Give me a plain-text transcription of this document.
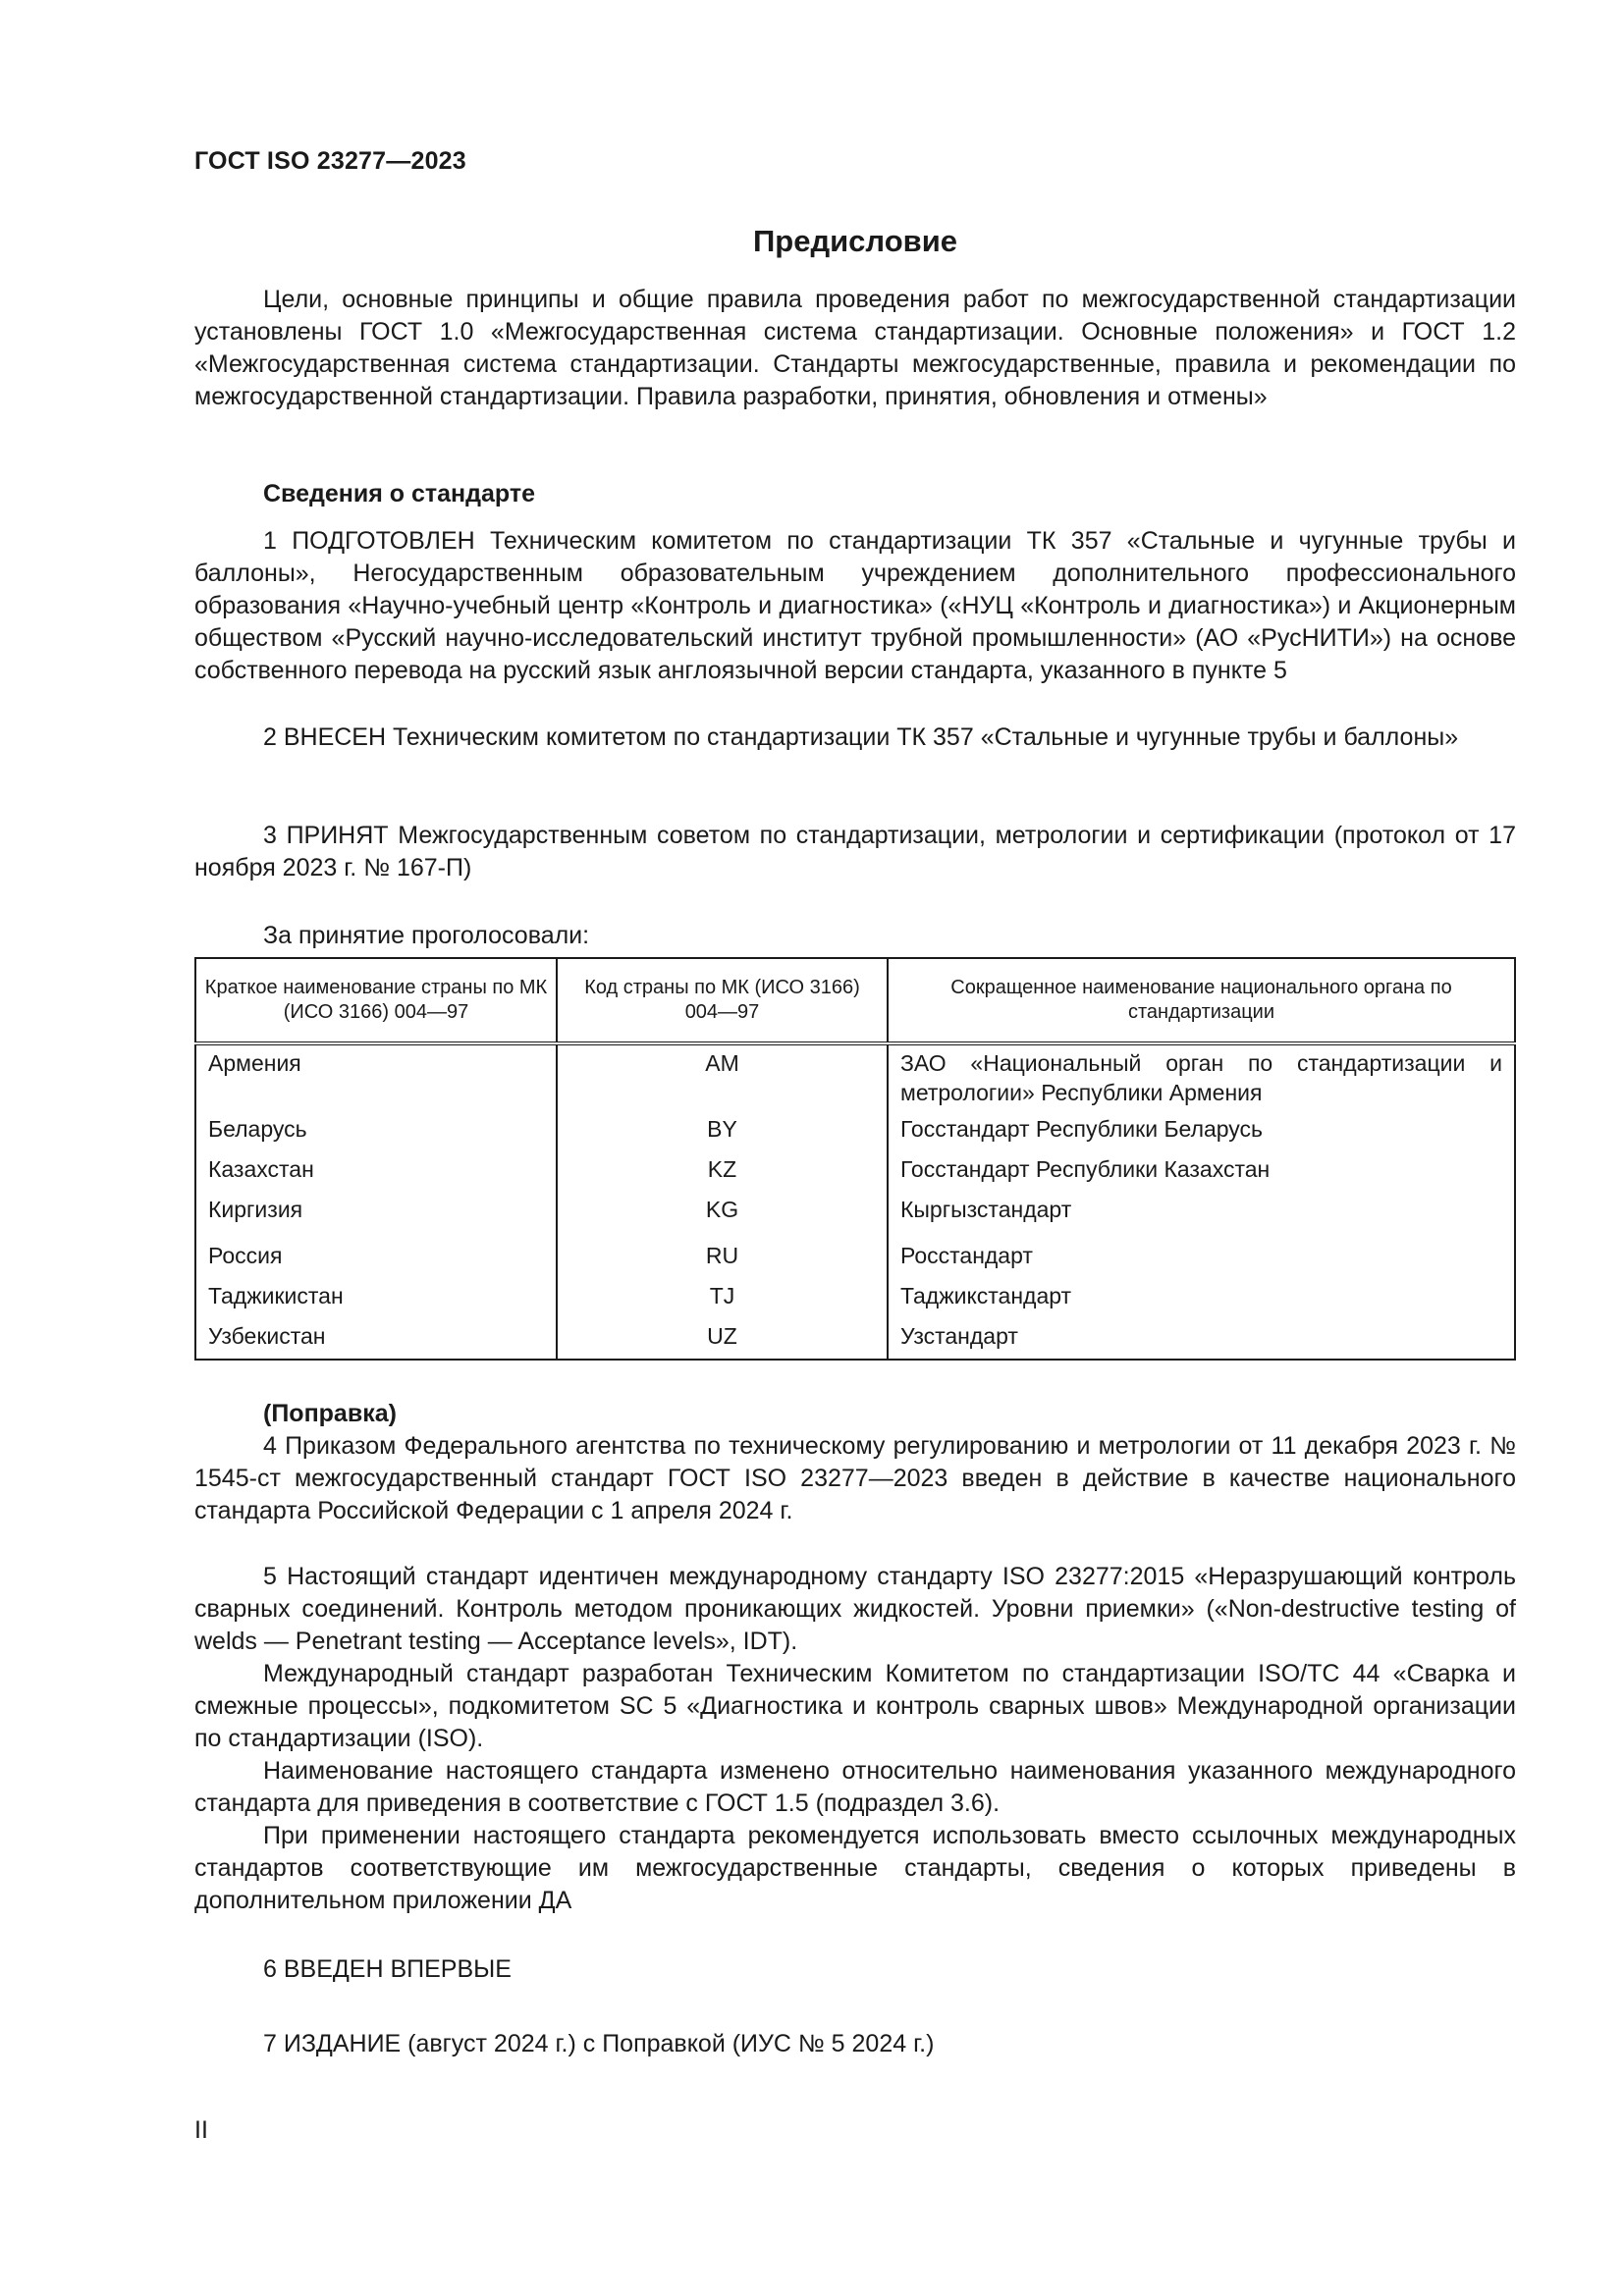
ГОСТ ISO 23277—2023
Предисловие

Цели, основные принципы и общие правила проведения работ по межгосударственной стандартизации установлены ГОСТ 1.0 «Межгосударственная система стандартизации. Основные положения» и ГОСТ 1.2 «Межгосударственная система стандартизации. Стандарты межгосударственные, правила и рекомендации по межгосударственной стандартизации. Правила разработки, принятия, обновления и отмены»

Сведения о стандарте

1 ПОДГОТОВЛЕН Техническим комитетом по стандартизации ТК 357 «Стальные и чугунные трубы и баллоны», Негосударственным образовательным учреждением дополнительного профессионального образования «Научно-учебный центр «Контроль и диагностика» («НУЦ «Контроль и диагностика») и Акционерным обществом «Русский научно-исследовательский институт трубной промышленности» (АО «РусНИТИ») на основе собственного перевода на русский язык англоязычной версии стандарта, указанного в пункте 5

2 ВНЕСЕН Техническим комитетом по стандартизации ТК 357 «Стальные и чугунные трубы и баллоны»

3 ПРИНЯТ Межгосударственным советом по стандартизации, метрологии и сертификации (протокол от 17 ноября 2023 г. № 167-П)

За принятие проголосовали:

Краткое наименование страны по МК (ИСО 3166) 004—97	Код страны по МК (ИСО 3166) 004—97	Сокращенное наименование национального органа по стандартизации
Армения	AM	ЗАО «Национальный орган по стандартизации и метрологии» Республики Армения
Беларусь	BY	Госстандарт Республики Беларусь
Казахстан	KZ	Госстандарт Республики Казахстан
Киргизия	KG	Кыргызстандарт
Россия	RU	Росстандарт
Таджикистан	TJ	Таджикстандарт
Узбекистан	UZ	Узстандарт

(Поправка)

4 Приказом Федерального агентства по техническому регулированию и метрологии от 11 декабря 2023 г. № 1545-ст межгосударственный стандарт ГОСТ ISO 23277—2023 введен в действие в качестве национального стандарта Российской Федерации с 1 апреля 2024 г.

5 Настоящий стандарт идентичен международному стандарту ISO 23277:2015 «Неразрушающий контроль сварных соединений. Контроль методом проникающих жидкостей. Уровни приемки» («Non-destructive testing of welds — Penetrant testing — Acceptance levels», IDT).

Международный стандарт разработан Техническим Комитетом по стандартизации ISO/TC 44 «Сварка и смежные процессы», подкомитетом SC 5 «Диагностика и контроль сварных швов» Международной организации по стандартизации (ISO).

Наименование настоящего стандарта изменено относительно наименования указанного международного стандарта для приведения в соответствие с ГОСТ 1.5 (подраздел 3.6).

При применении настоящего стандарта рекомендуется использовать вместо ссылочных международных стандартов соответствующие им межгосударственные стандарты, сведения о которых приведены в дополнительном приложении ДА

6 ВВЕДЕН ВПЕРВЫЕ

7 ИЗДАНИЕ (август 2024 г.) с Поправкой (ИУС № 5 2024 г.)

II
